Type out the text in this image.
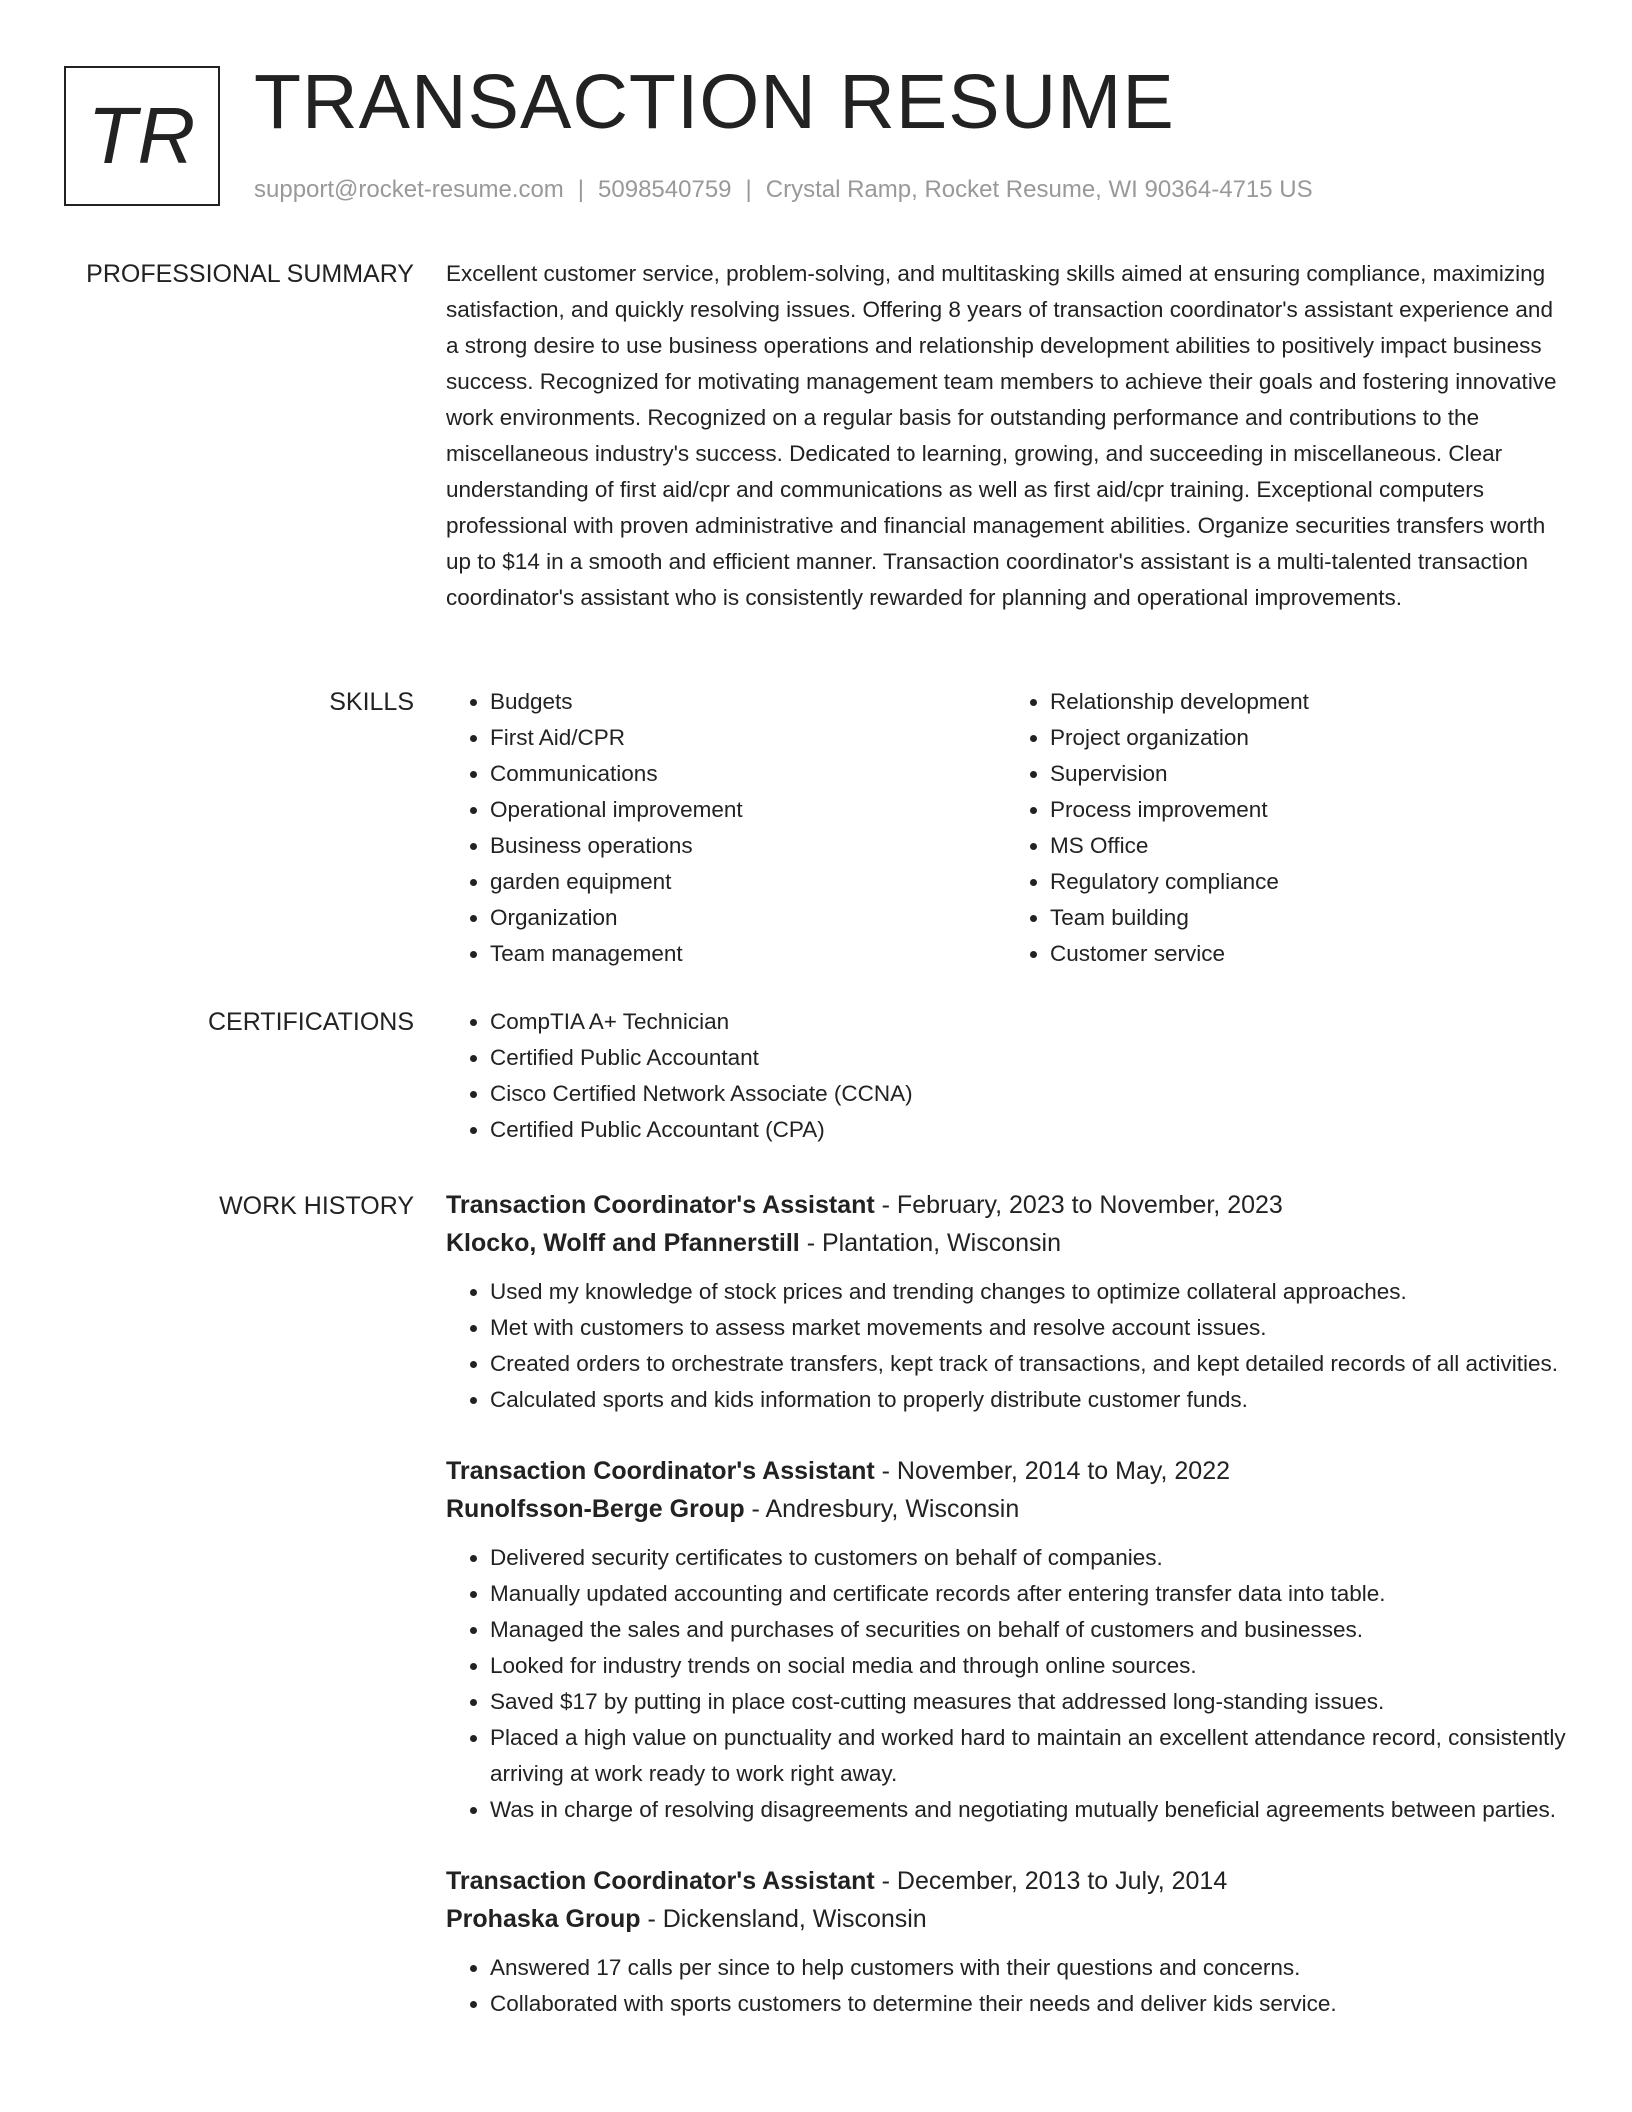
TR TRANSACTION RESUME
support@rocket-resume.com | 5098540759 | Crystal Ramp, Rocket Resume, WI 90364-4715 US
PROFESSIONAL SUMMARY Excellent customer service, problem-solving, and multitasking skills aimed at ensuring compliance, maximizing satisfaction, and quickly resolving issues. Offering 8 years of transaction coordinator's assistant experience and a strong desire to use business operations and relationship development abilities to positively impact business success. Recognized for motivating management team members to achieve their goals and fostering innovative work environments. Recognized on a regular basis for outstanding performance and contributions to the miscellaneous industry's success. Dedicated to learning, growing, and succeeding in miscellaneous. Clear understanding of first aid/cpr and communications as well as first aid/cpr training. Exceptional computers professional with proven administrative and financial management abilities. Organize securities transfers worth up to $14 in a smooth and efficient manner. Transaction coordinator's assistant is a multi-talented transaction coordinator's assistant who is consistently rewarded for planning and operational improvements.

SKILLS	• Budgets
• First Aid/CPR
• Communications
• Operational improvement
• Business operations
• garden equipment
• Organization
• Team management
• Relationship development
• Project organization
• Supervision
• Process improvement
• MS Office
• Regulatory compliance
• Team building
• Customer service
CERTIFICATIONS	• CompTIA A+ Technician
• Certified Public Accountant
• Cisco Certified Network Associate (CCNA)
• Certified Public Accountant (CPA)
WORK HISTORY Transaction Coordinator's Assistant - February, 2023 to November, 2023
Klocko, Wolff and Pfannerstill - Plantation, Wisconsin
• Used my knowledge of stock prices and trending changes to optimize collateral approaches.
• Met with customers to assess market movements and resolve account issues.
• Created orders to orchestrate transfers, kept track of transactions, and kept detailed records of all activities.
• Calculated sports and kids information to properly distribute customer funds.
Transaction Coordinator's Assistant - November, 2014 to May, 2022
Runolfsson-Berge Group - Andresbury, Wisconsin
• Delivered security certificates to customers on behalf of companies.
• Manually updated accounting and certificate records after entering transfer data into table.
• Managed the sales and purchases of securities on behalf of customers and businesses.
• Looked for industry trends on social media and through online sources.
• Saved $17 by putting in place cost-cutting measures that addressed long-standing issues.
• Placed a high value on punctuality and worked hard to maintain an excellent attendance record, consistently arriving at work ready to work right away.
• Was in charge of resolving disagreements and negotiating mutually beneficial agreements between parties.
Transaction Coordinator's Assistant - December, 2013 to July, 2014
Prohaska Group - Dickensland, Wisconsin
• Answered 17 calls per since to help customers with their questions and concerns.
• Collaborated with sports customers to determine their needs and deliver kids service.
